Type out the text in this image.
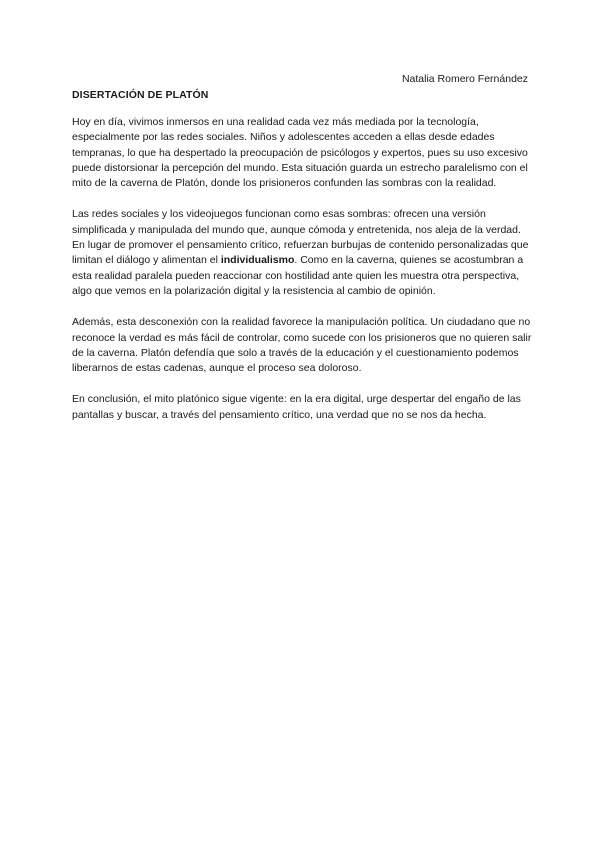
Natalia Romero Fernández
DISERTACIÓN DE PLATÓN

Hoy en día, vivimos inmersos en una realidad cada vez más mediada por la tecnología, especialmente por las redes sociales. Niños y adolescentes acceden a ellas desde edades tempranas, lo que ha despertado la preocupación de psicólogos y expertos, pues su uso excesivo puede distorsionar la percepción del mundo. Esta situación guarda un estrecho paralelismo con el mito de la caverna de Platón, donde los prisioneros confunden las sombras con la realidad.

Las redes sociales y los videojuegos funcionan como esas sombras: ofrecen una versión simplificada y manipulada del mundo que, aunque cómoda y entretenida, nos aleja de la verdad. En lugar de promover el pensamiento crítico, refuerzan burbujas de contenido personalizadas que limitan el diálogo y alimentan el individualismo. Como en la caverna, quienes se acostumbran a esta realidad paralela pueden reaccionar con hostilidad ante quien les muestra otra perspectiva, algo que vemos en la polarización digital y la resistencia al cambio de opinión.

Además, esta desconexión con la realidad favorece la manipulación política. Un ciudadano que no reconoce la verdad es más fácil de controlar, como sucede con los prisioneros que no quieren salir de la caverna. Platón defendía que solo a través de la educación y el cuestionamiento podemos liberarnos de estas cadenas, aunque el proceso sea doloroso.

En conclusión, el mito platónico sigue vigente: en la era digital, urge despertar del engaño de las pantallas y buscar, a través del pensamiento crítico, una verdad que no se nos da hecha.
